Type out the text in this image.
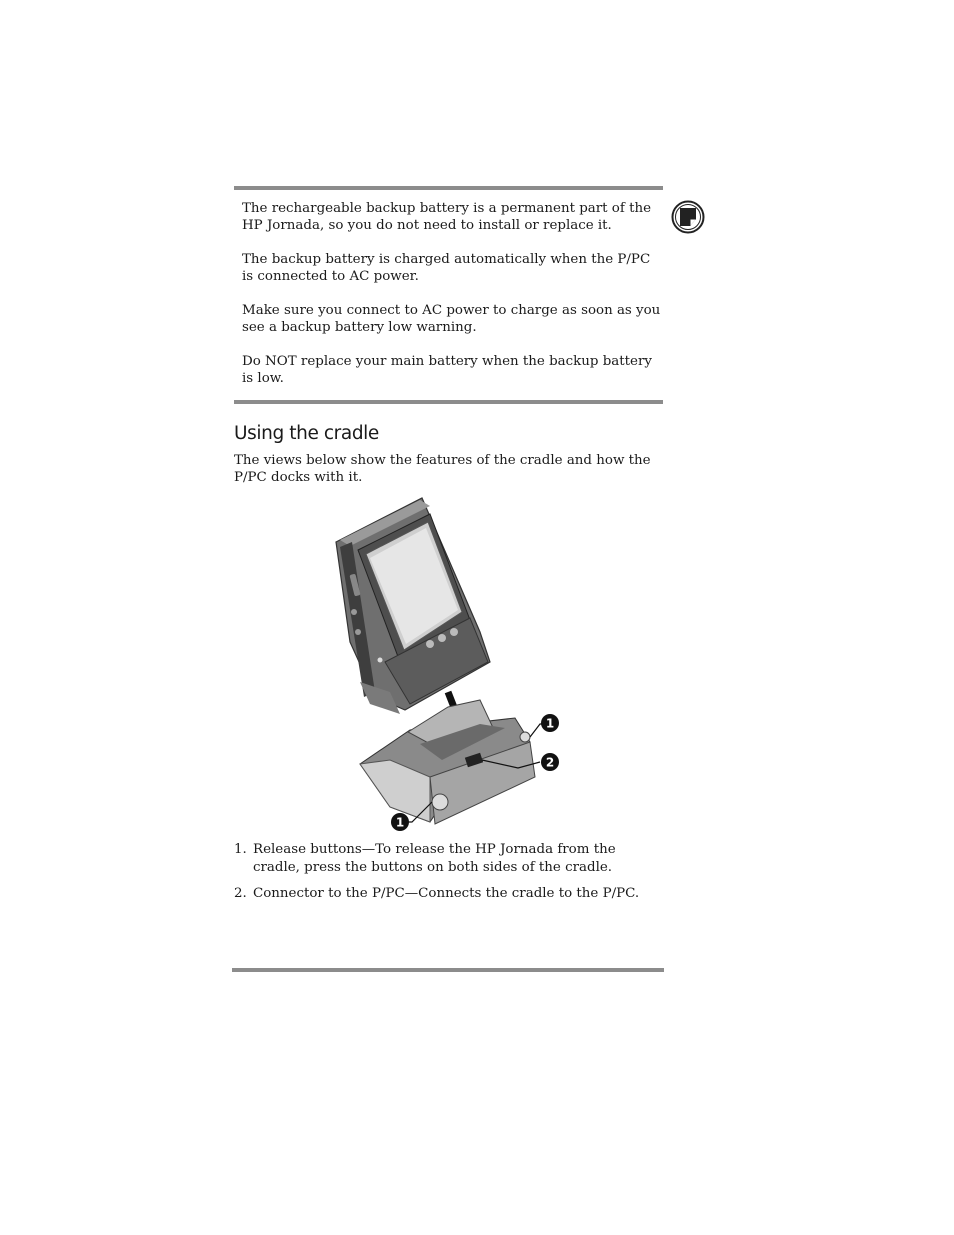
The rechargeable backup battery is a permanent part of the HP Jornada, so you do not need to install or replace it.

The backup battery is charged automatically when the P/PC is connected to AC power.

Make sure you connect to AC power to charge as soon as you see a backup battery low warning.

Do NOT replace your main battery when the backup battery is low.

Using the cradle

The views below show the features of the cradle and how the P/PC docks with it.

1
2
1
1. Release buttons—To release the HP Jornada from the cradle, press the buttons on both sides of the cradle.
2. Connector to the P/PC—Connects the cradle to the P/PC.
